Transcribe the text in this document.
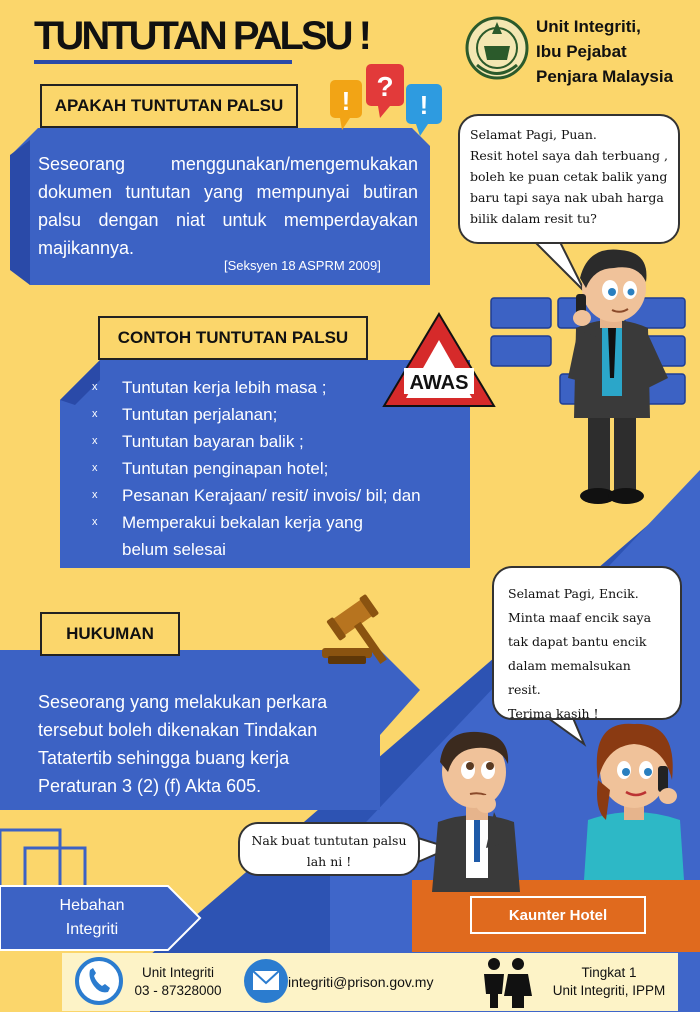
TUNTUTAN PALSU !	Unit Integriti,
Ibu Pejabat
Penjara Malaysia
! ?
!
APAKAH TUNTUTAN PALSU
Seseorang menggunakan/mengemukakan dokumen tuntutan yang mempunyai butiran palsu dengan niat untuk memperdayakan majikannya.
[Seksyen 18 ASPRM 2009]
CONTOH TUNTUTAN PALSU
AWAS
x Tuntutan kerja lebih masa ;
x Tuntutan perjalanan;
x Tuntutan bayaran balik ;
x Tuntutan penginapan hotel;
x Pesanan Kerajaan/ resit/ invois/ bil; dan
x Memperakui bekalan kerja yang
belum selesai
HUKUMAN
Seseorang yang melakukan perkara
tersebut boleh dikenakan Tindakan
Tatatertib sehingga buang kerja
Peraturan 3 (2) (f) Akta 605.
Selamat Pagi, Puan.
Resit hotel saya dah terbuang ,
boleh ke puan cetak balik yang
baru tapi saya nak ubah harga
bilik dalam resit tu?
Selamat Pagi, Encik.
Minta maaf encik saya
tak dapat bantu encik
dalam memalsukan resit.
Terima kasih !
Nak buat tuntutan palsu
lah ni !
Hebahan
Integriti
Kaunter Hotel
Unit Integriti
03 - 87328000
integriti@prison.gov.my
Tingkat 1
Unit Integriti, IPPM
